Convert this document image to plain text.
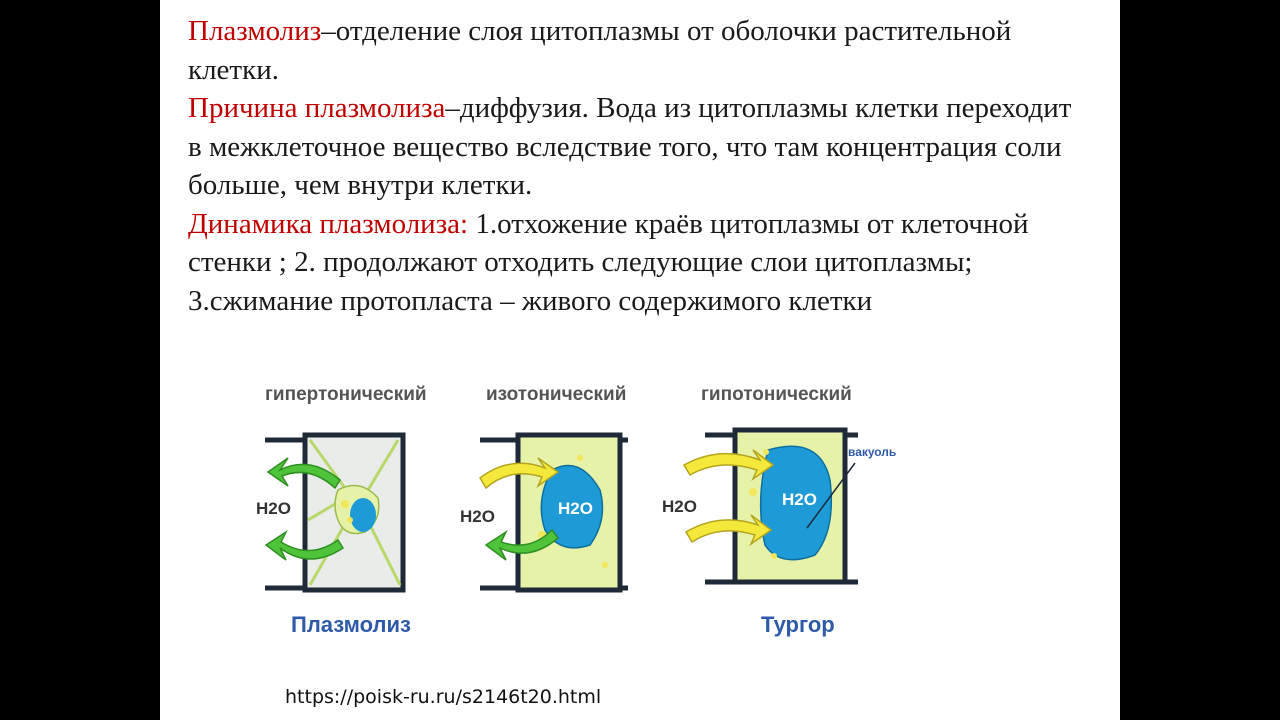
Плазмолиз–отделение слоя цитоплазмы от оболочки растительной клетки.

Причина плазмолиза–диффузия. Вода из цитоплазмы клетки переходит в межклеточное вещество вследствие того, что там концентрация соли больше, чем внутри клетки.

Динамика плазмолиза: 1.отхожение краёв цитоплазмы от клеточной стенки ; 2. продолжают отходить следующие слои цитоплазмы; 3.сжимание протопласта – живого содержимого клетки

H2O	H2O
H2O
H2O
H2O
вакуоль
гипертонический	изотонический	гипотонический
Плазмолиз	Тургор
https://poisk-ru.ru/s2146t20.html
